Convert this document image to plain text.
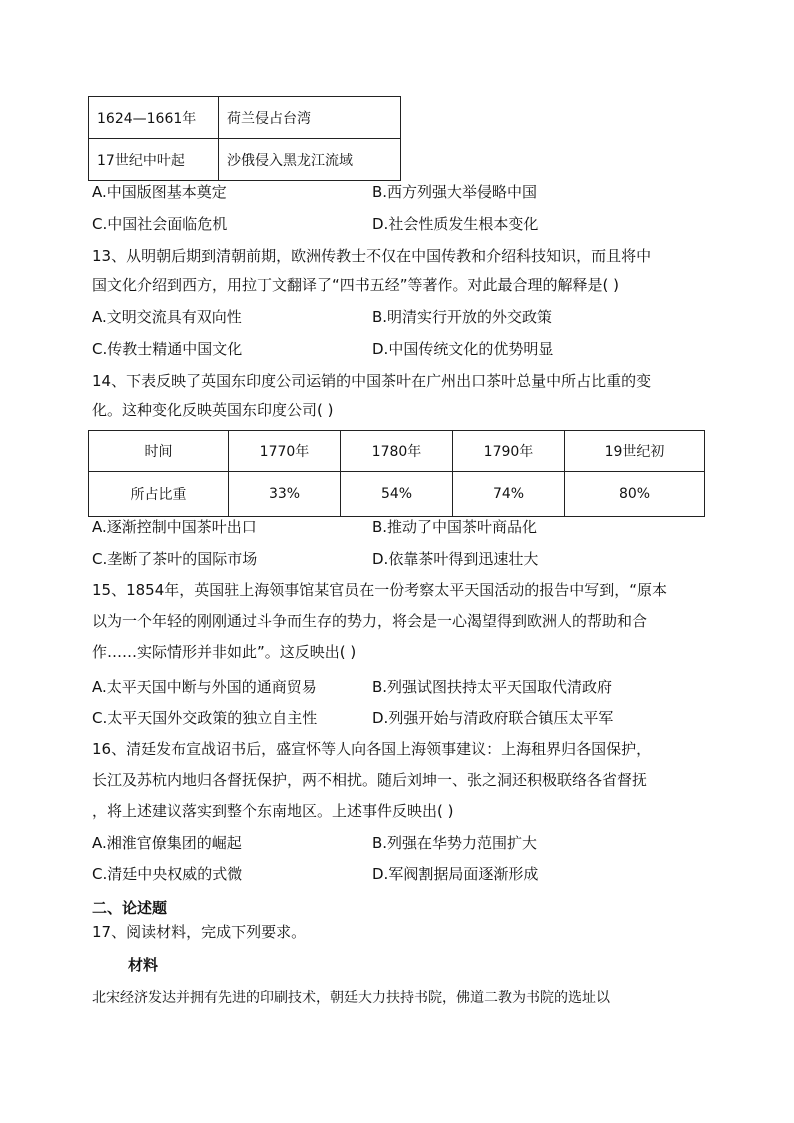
1624—1661年	荷兰侵占台湾
17世纪中叶起	沙俄侵入黑龙江流域
A.中国版图基本奠定	B.西方列强大举侵略中国
C.中国社会面临危机	D.社会性质发生根本变化
13、从明朝后期到清朝前期，欧洲传教士不仅在中国传教和介绍科技知识，而且将中
国文化介绍到西方，用拉丁文翻译了“四书五经”等著作。对此最合理的解释是( )
A.文明交流具有双向性	B.明清实行开放的外交政策
C.传教士精通中国文化	D.中国传统文化的优势明显
14、下表反映了英国东印度公司运销的中国茶叶在广州出口茶叶总量中所占比重的变
化。这种变化反映英国东印度公司( )
时间	1770年	1780年	1790年	19世纪初
所占比重	33%	54%	74%	80%
A.逐渐控制中国茶叶出口	B.推动了中国茶叶商品化
C.垄断了茶叶的国际市场	D.依靠茶叶得到迅速壮大
15、1854年，英国驻上海领事馆某官员在一份考察太平天国活动的报告中写到，“原本
以为一个年轻的刚刚通过斗争而生存的势力，将会是一心渴望得到欧洲人的帮助和合
作……实际情形并非如此”。这反映出( )
A.太平天国中断与外国的通商贸易	B.列强试图扶持太平天国取代清政府
C.太平天国外交政策的独立自主性	D.列强开始与清政府联合镇压太平军
16、清廷发布宣战诏书后，盛宣怀等人向各国上海领事建议：上海租界归各国保护，
长江及苏杭内地归各督抚保护，两不相扰。随后刘坤一、张之洞还积极联络各省督抚
，将上述建议落实到整个东南地区。上述事件反映出( )
A.湘淮官僚集团的崛起	B.列强在华势力范围扩大
C.清廷中央权威的式微	D.军阀割据局面逐渐形成
二、论述题
17、阅读材料，完成下列要求。
材料
北宋经济发达并拥有先进的印刷技术，朝廷大力扶持书院，佛道二教为书院的选址以
